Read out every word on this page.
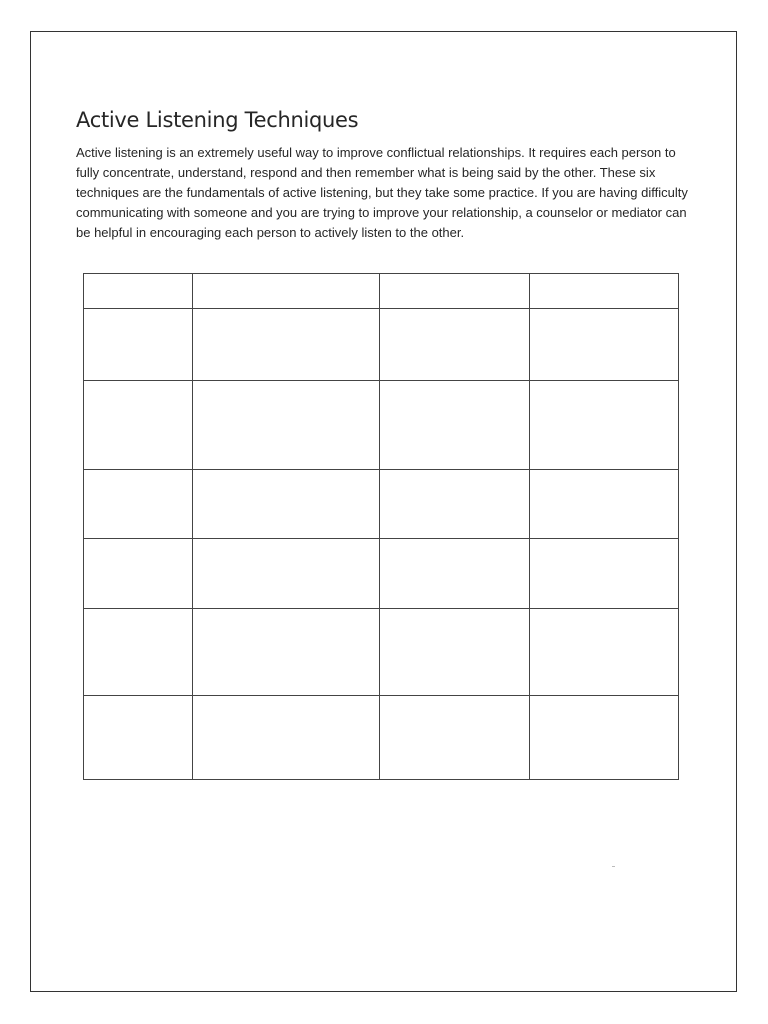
Active Listening Techniques

Active listening is an extremely useful way to improve conflictual relationships. It requires each person to fully concentrate, understand, respond and then remember what is being said by the other. These six techniques are the fundamentals of active listening, but they take some practice. If you are having difficulty communicating with someone and you are trying to improve your relationship, a counselor or mediator can be helpful in encouraging each person to actively listen to the other.
